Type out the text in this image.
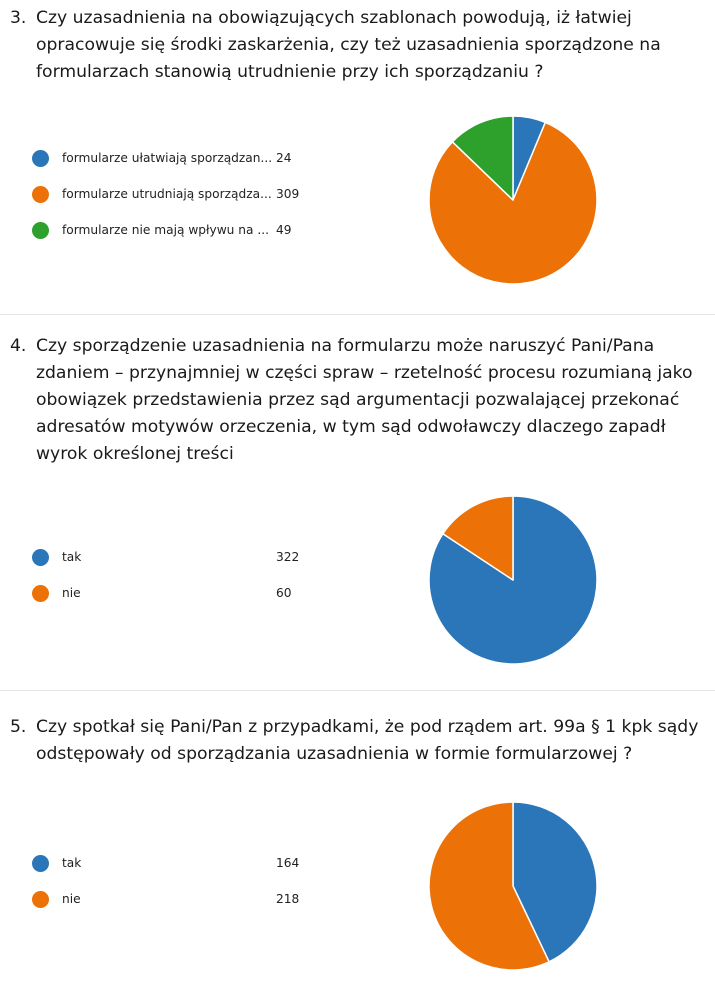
3. Czy uzasadnienia na obowiązujących szablonach powodują, iż łatwiej opracowuje się środki zaskarżenia, czy też uzasadnienia sporządzone na formularzach stanowią utrudnienie przy ich sporządzaniu ?
formularze ułatwiają sporządzan... 24
formularze utrudniają sporządza... 309
formularze nie mają wpływu na ... 49
4. Czy sporządzenie uzasadnienia na formularzu może naruszyć Pani/Pana zdaniem – przynajmniej w części spraw – rzetelność procesu rozumianą jako obowiązek przedstawienia przez sąd argumentacji pozwalającej przekonać adresatów motywów orzeczenia, w tym sąd odwoławczy dlaczego zapadł wyrok określonej treści
tak	322
nie	60
5. Czy spotkał się Pani/Pan z przypadkami, że pod rządem art. 99a § 1 kpk sądy odstępowały od sporządzania uzasadnienia w formie formularzowej ?
tak	164
nie	218
